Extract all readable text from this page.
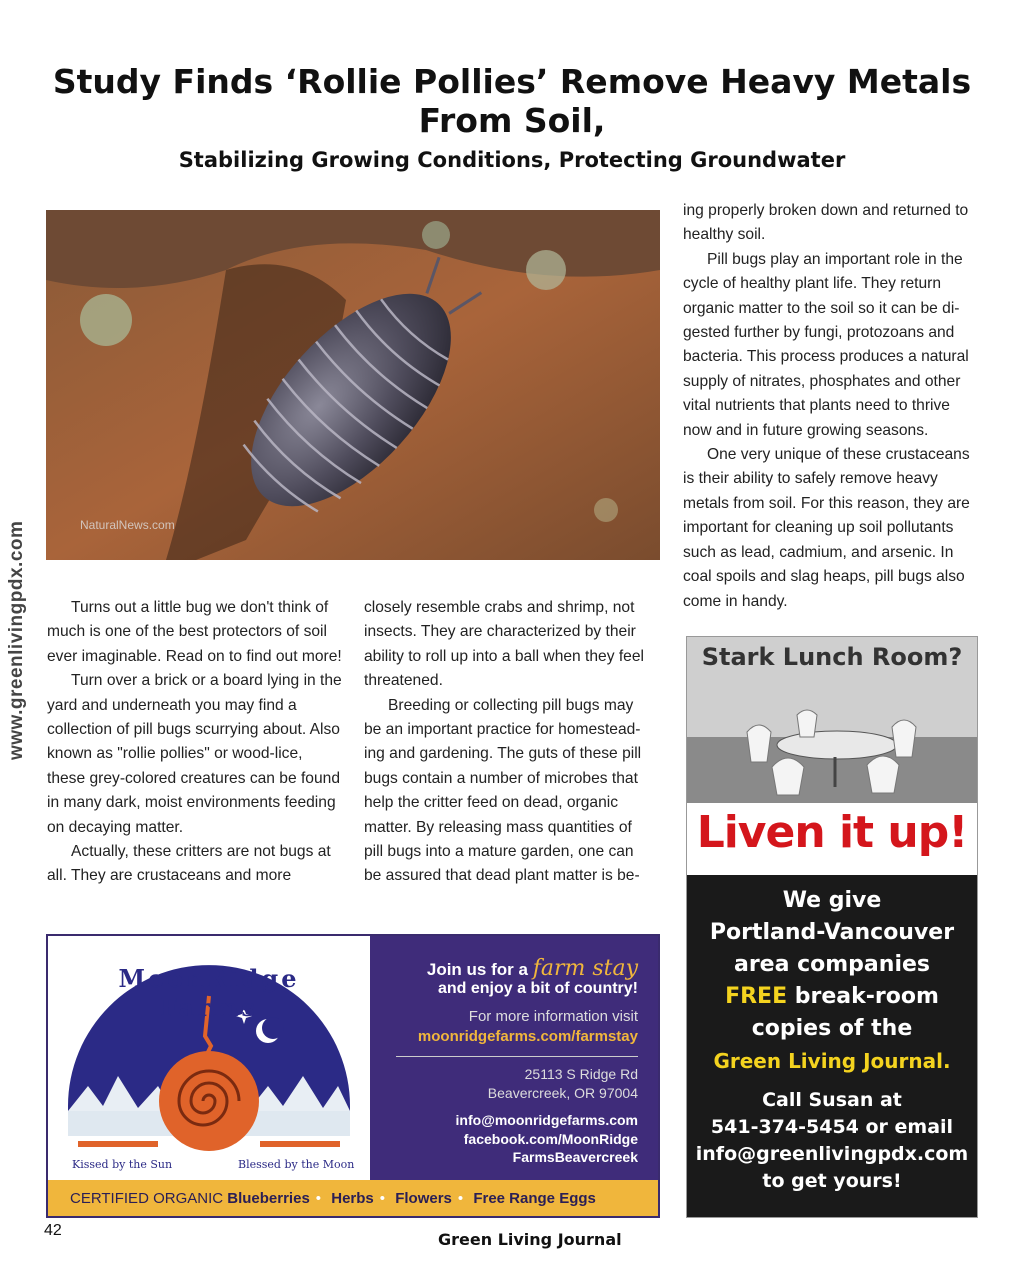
Study Finds ‘Rollie Pollies’ Remove Heavy Metals From Soil,
Stabilizing Growing Conditions, Protecting Groundwater
www.greenlivingpdx.com	NaturalNews.com

Turns out a little bug we don't think of much is one of the best protectors of soil ever imaginable. Read on to find out more!

Turn over a brick or a board lying in the yard and underneath you may find a collection of pill bugs scurrying about. Also known as "rollie pollies" or wood-lice, these grey-colored creatures can be found in many dark, moist environments feeding on decaying matter.

Actually, these critters are not bugs at all. They are crustaceans and more

closely resemble crabs and shrimp, not insects. They are characterized by their ability to roll up into a ball when they feel threatened.

Breeding or collecting pill bugs may be an important practice for homestead-ing and gardening. The guts of these pill bugs contain a number of microbes that help the critter feed on dead, organic matter. By releasing mass quantities of pill bugs into a mature garden, one can be assured that dead plant matter is be-

ing properly broken down and returned to healthy soil.

Pill bugs play an important role in the cycle of healthy plant life. They return organic matter to the soil so it can be di-gested further by fungi, protozoans and bacteria. This process produces a natural supply of nitrates, phosphates and other vital nutrients that plants need to thrive now and in future growing seasons.

One very unique of these crustaceans is their ability to safely remove heavy metals from soil. For this reason, they are important for cleaning up soil pollutants such as lead, cadmium, and arsenic. In coal spoils and slag heaps, pill bugs also come in handy.

MoonRidge Farms
Kissed by the Sun	Blessed by the Moon
Join us for a farm stay
and enjoy a bit of country!
For more information visit
moonridgefarms.com/farmstay
25113 S Ridge Rd
Beavercreek, OR 97004
info@moonridgefarms.com
facebook.com/MoonRidge
FarmsBeavercreek
CERTIFIED ORGANIC Blueberries • Herbs • Flowers • Free Range Eggs
Stark Lunch Room?
Liven it up!
We give
Portland-Vancouver
area companies
FREE break-room
copies of the
Green Living Journal.
Call Susan at
541-374-5454 or email
info@greenlivingpdx.com
to get yours!
42	Green Living Journal
